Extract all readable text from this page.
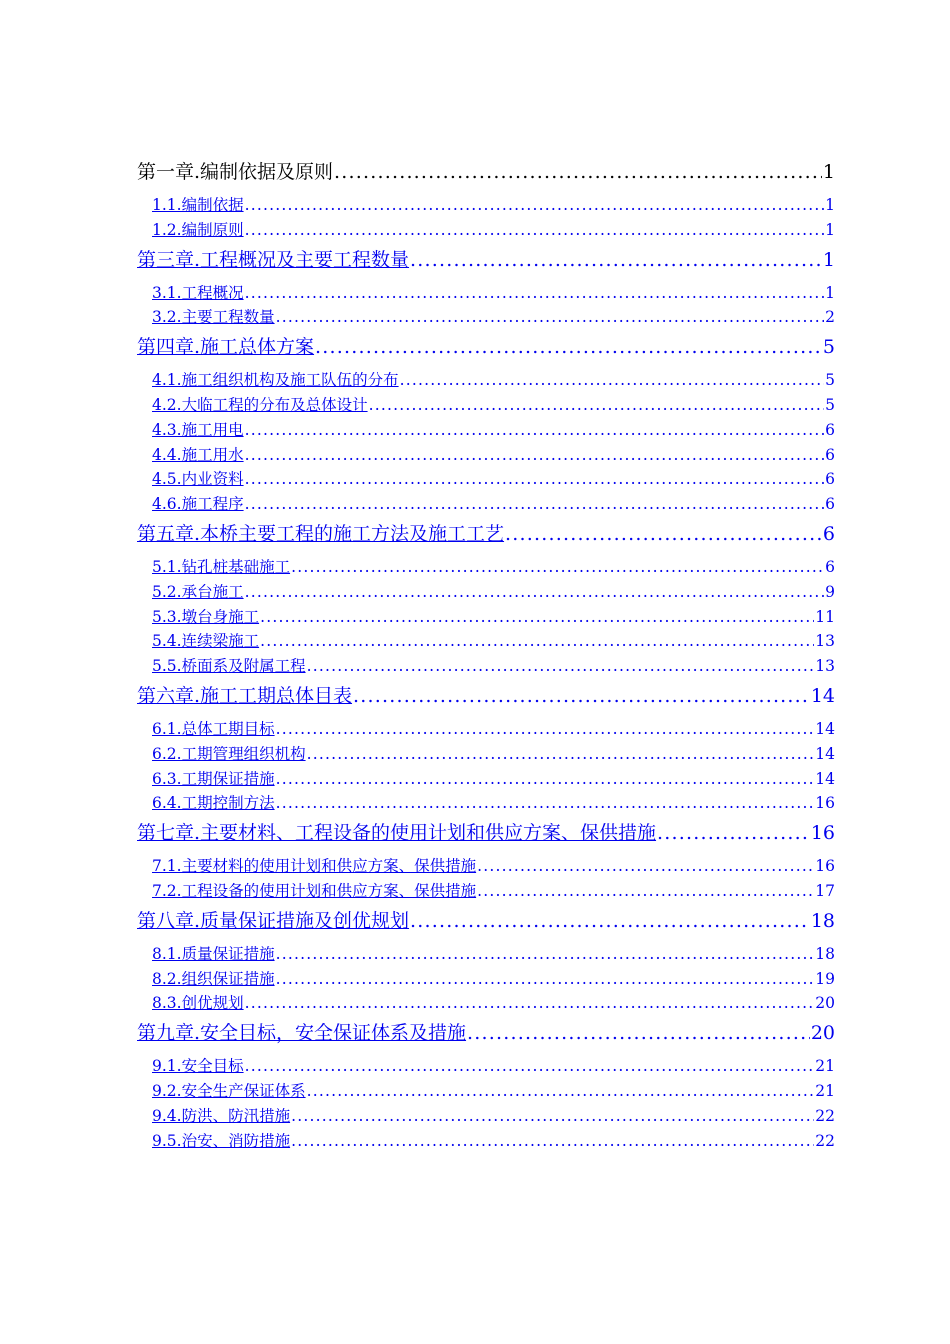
第一章.编制依据及原则 .....	1
1.1.编制依据 .....	1
1.2.编制原则 .....	1
第三章.工程概况及主要工程数量 .....	1
3.1.工程概况 .....	1
3.2.主要工程数量 .....	2
第四章.施工总体方案 .....	5
4.1.施工组织机构及施工队伍的分布 .....	5
4.2.大临工程的分布及总体设计 .....	5
4.3.施工用电 .....	6
4.4.施工用水 .....	6
4.5.内业资料 .....	6
4.6.施工程序 .....	6
第五章.本桥主要工程的施工方法及施工工艺 .....	6
5.1.钻孔桩基础施工 .....	6
5.2.承台施工 .....	9
5.3.墩台身施工 .....	11
5.4.连续梁施工 .....	13
5.5.桥面系及附属工程 .....	13
第六章.施工工期总体目表 .....	14
6.1.总体工期目标 .....	14
6.2.工期管理组织机构 .....	14
6.3.工期保证措施 .....	14
6.4.工期控制方法 .....	16
第七章.主要材料、工程设备的使用计划和供应方案、保供措施 .....	16
7.1.主要材料的使用计划和供应方案、保供措施 .....	16
7.2.工程设备的使用计划和供应方案、保供措施 .....	17
第八章.质量保证措施及创优规划 .....	18
8.1.质量保证措施 .....	18
8.2.组织保证措施 .....	19
8.3.创优规划 .....	20
第九章.安全目标，安全保证体系及措施 .....	20
9.1.安全目标 .....	21
9.2.安全生产保证体系 .....	21
9.4.防洪、防汛措施 .....	22
9.5.治安、消防措施 .....	22
